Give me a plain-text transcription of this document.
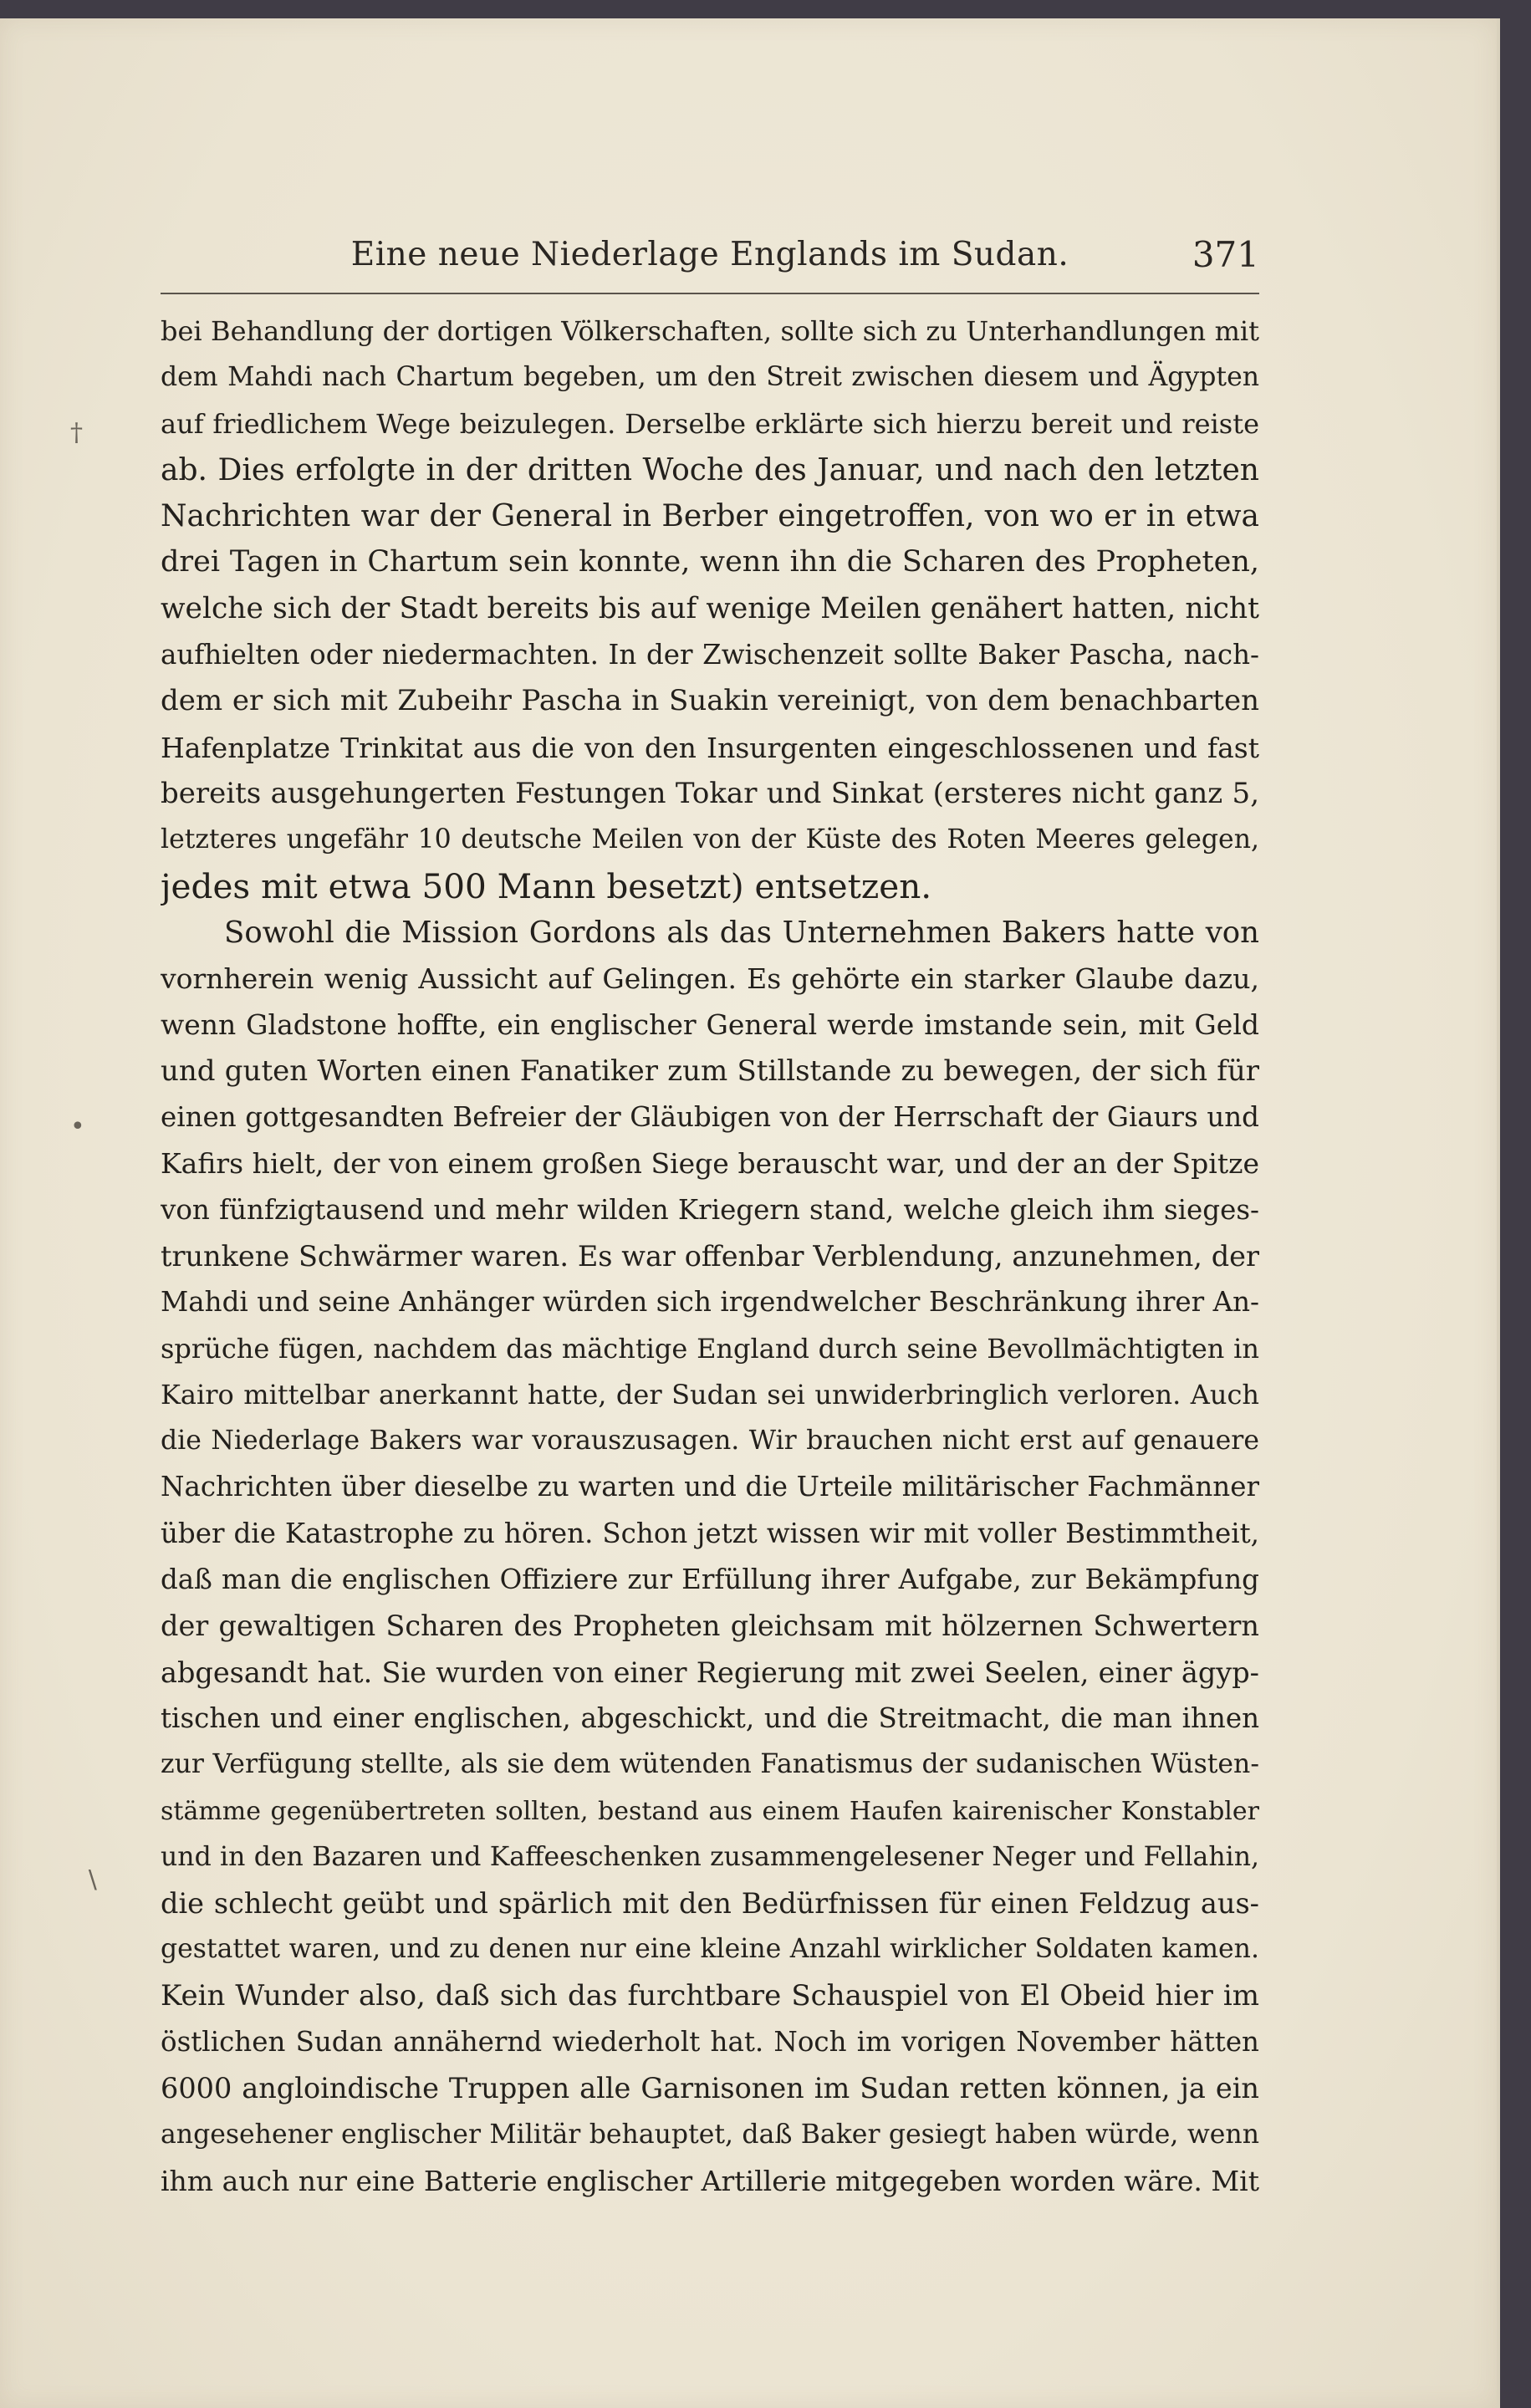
Eine neue Niederlage Englands im Sudan.	371
†
•
∖
bei Behandlung der dortigen Völkerschaften, sollte sich zu Unterhandlungen mit
dem Mahdi nach Chartum begeben, um den Streit zwischen diesem und Ägypten
auf friedlichem Wege beizulegen. Derselbe erklärte sich hierzu bereit und reiste
ab. Dies erfolgte in der dritten Woche des Januar, und nach den letzten
Nachrichten war der General in Berber eingetroffen, von wo er in etwa
drei Tagen in Chartum sein konnte, wenn ihn die Scharen des Propheten,
welche sich der Stadt bereits bis auf wenige Meilen genähert hatten, nicht
aufhielten oder niedermachten. In der Zwischenzeit sollte Baker Pascha, nach-
dem er sich mit Zubeihr Pascha in Suakin vereinigt, von dem benachbarten
Hafenplatze Trinkitat aus die von den Insurgenten eingeschlossenen und fast
bereits ausgehungerten Festungen Tokar und Sinkat (ersteres nicht ganz 5,
letzteres ungefähr 10 deutsche Meilen von der Küste des Roten Meeres gelegen,
jedes mit etwa 500 Mann besetzt) entsetzen.
Sowohl die Mission Gordons als das Unternehmen Bakers hatte von
vornherein wenig Aussicht auf Gelingen. Es gehörte ein starker Glaube dazu,
wenn Gladstone hoffte, ein englischer General werde imstande sein, mit Geld
und guten Worten einen Fanatiker zum Stillstande zu bewegen, der sich für
einen gottgesandten Befreier der Gläubigen von der Herrschaft der Giaurs und
Kafirs hielt, der von einem großen Siege berauscht war, und der an der Spitze
von fünfzigtausend und mehr wilden Kriegern stand, welche gleich ihm sieges-
trunkene Schwärmer waren. Es war offenbar Verblendung, anzunehmen, der
Mahdi und seine Anhänger würden sich irgendwelcher Beschränkung ihrer An-
sprüche fügen, nachdem das mächtige England durch seine Bevollmächtigten in
Kairo mittelbar anerkannt hatte, der Sudan sei unwiderbringlich verloren. Auch
die Niederlage Bakers war vorauszusagen. Wir brauchen nicht erst auf genauere
Nachrichten über dieselbe zu warten und die Urteile militärischer Fachmänner
über die Katastrophe zu hören. Schon jetzt wissen wir mit voller Bestimmtheit,
daß man die englischen Offiziere zur Erfüllung ihrer Aufgabe, zur Bekämpfung
der gewaltigen Scharen des Propheten gleichsam mit hölzernen Schwertern
abgesandt hat. Sie wurden von einer Regierung mit zwei Seelen, einer ägyp-
tischen und einer englischen, abgeschickt, und die Streitmacht, die man ihnen
zur Verfügung stellte, als sie dem wütenden Fanatismus der sudanischen Wüsten-
stämme gegenübertreten sollten, bestand aus einem Haufen kairenischer Konstabler
und in den Bazaren und Kaffeeschenken zusammengelesener Neger und Fellahin,
die schlecht geübt und spärlich mit den Bedürfnissen für einen Feldzug aus-
gestattet waren, und zu denen nur eine kleine Anzahl wirklicher Soldaten kamen.
Kein Wunder also, daß sich das furchtbare Schauspiel von El Obeid hier im
östlichen Sudan annähernd wiederholt hat. Noch im vorigen November hätten
6000 angloindische Truppen alle Garnisonen im Sudan retten können, ja ein
angesehener englischer Militär behauptet, daß Baker gesiegt haben würde, wenn
ihm auch nur eine Batterie englischer Artillerie mitgegeben worden wäre. Mit
